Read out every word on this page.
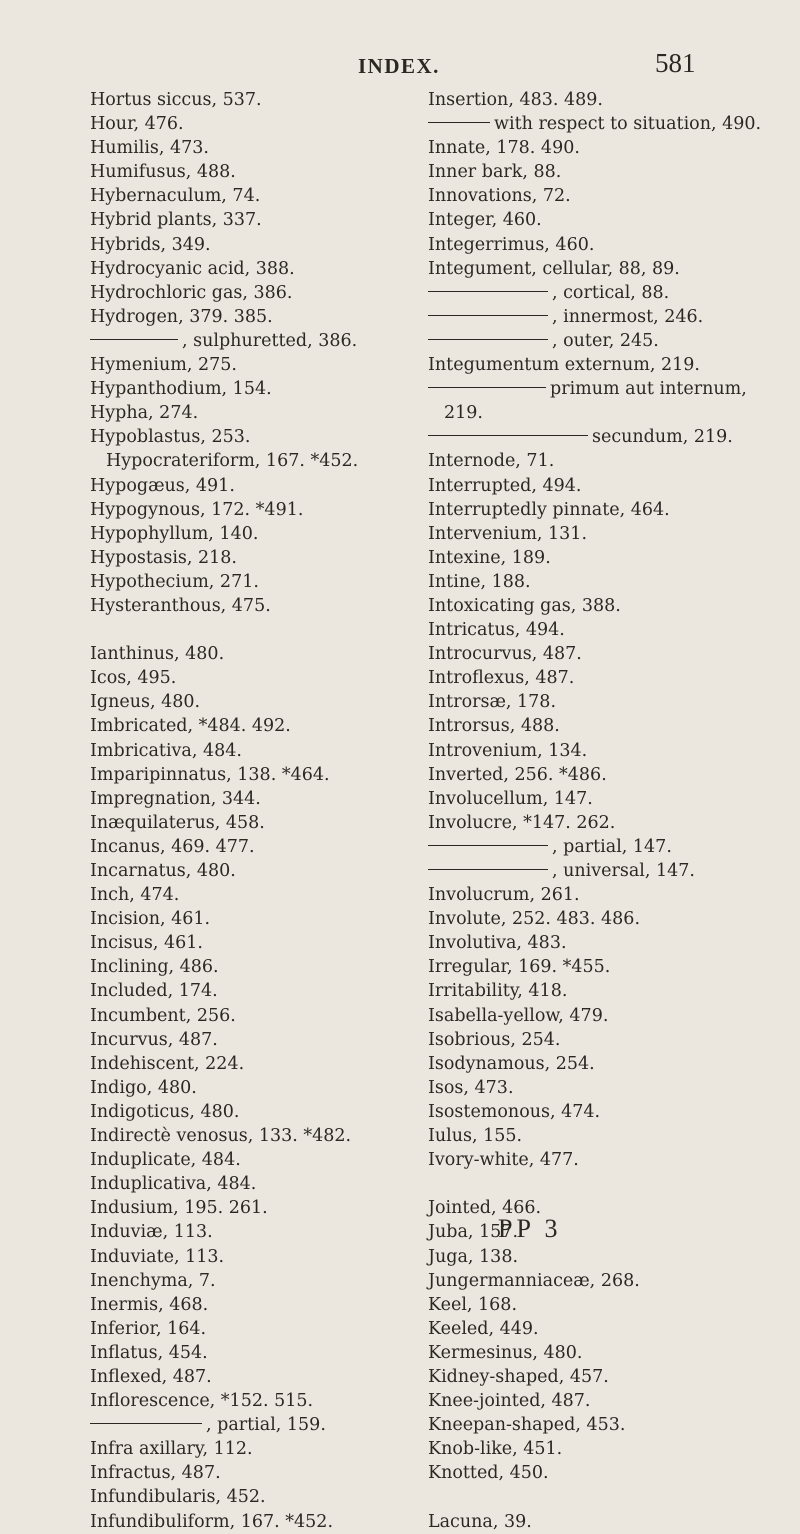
INDEX.	581
Hortus siccus, 537.
Hour, 476.
Humilis, 473.
Humifusus, 488.
Hybernaculum, 74.
Hybrid plants, 337.
Hybrids, 349.
Hydrocyanic acid, 388.
Hydrochloric gas, 386.
Hydrogen, 379. 385.
, sulphuretted, 386.
Hymenium, 275.
Hypanthodium, 154.
Hypha, 274.
Hypoblastus, 253.
Hypocrateriform, 167. *452.
Hypogæus, 491.
Hypogynous, 172. *491.
Hypophyllum, 140.
Hypostasis, 218.
Hypothecium, 271.
Hysteranthous, 475.
Ianthinus, 480.
Icos, 495.
Igneus, 480.
Imbricated, *484. 492.
Imbricativa, 484.
Imparipinnatus, 138. *464.
Impregnation, 344.
Inæquilaterus, 458.
Incanus, 469. 477.
Incarnatus, 480.
Inch, 474.
Incision, 461.
Incisus, 461.
Inclining, 486.
Included, 174.
Incumbent, 256.
Incurvus, 487.
Indehiscent, 224.
Indigo, 480.
Indigoticus, 480.
Indirectè venosus, 133. *482.
Induplicate, 484.
Induplicativa, 484.
Indusium, 195. 261.
Induviæ, 113.
Induviate, 113.
Inenchyma, 7.
Inermis, 468.
Inferior, 164.
Inflatus, 454.
Inflexed, 487.
Inflorescence, *152. 515.
, partial, 159.
Infra axillary, 112.
Infractus, 487.
Infundibularis, 452.
Infundibuliform, 167. *452.
Insertion, 483. 489.
with respect to situation, 490.
Innate, 178. 490.
Inner bark, 88.
Innovations, 72.
Integer, 460.
Integerrimus, 460.
Integument, cellular, 88, 89.
, cortical, 88.
, innermost, 246.
, outer, 245.
Integumentum externum, 219.
primum aut internum,
219.
secundum, 219.
Internode, 71.
Interrupted, 494.
Interruptedly pinnate, 464.
Intervenium, 131.
Intexine, 189.
Intine, 188.
Intoxicating gas, 388.
Intricatus, 494.
Introcurvus, 487.
Introflexus, 487.
Introrsæ, 178.
Introrsus, 488.
Introvenium, 134.
Inverted, 256. *486.
Involucellum, 147.
Involucre, *147. 262.
, partial, 147.
, universal, 147.
Involucrum, 261.
Involute, 252. 483. 486.
Involutiva, 483.
Irregular, 169. *455.
Irritability, 418.
Isabella-yellow, 479.
Isobrious, 254.
Isodynamous, 254.
Isos, 473.
Isostemonous, 474.
Iulus, 155.
Ivory-white, 477.
Jointed, 466.
Juba, 157.
Juga, 138.
Jungermanniaceæ, 268.
Keel, 168.
Keeled, 449.
Kermesinus, 480.
Kidney-shaped, 457.
Knee-jointed, 487.
Kneepan-shaped, 453.
Knob-like, 451.
Knotted, 450.
Lacuna, 39.
PP 3
